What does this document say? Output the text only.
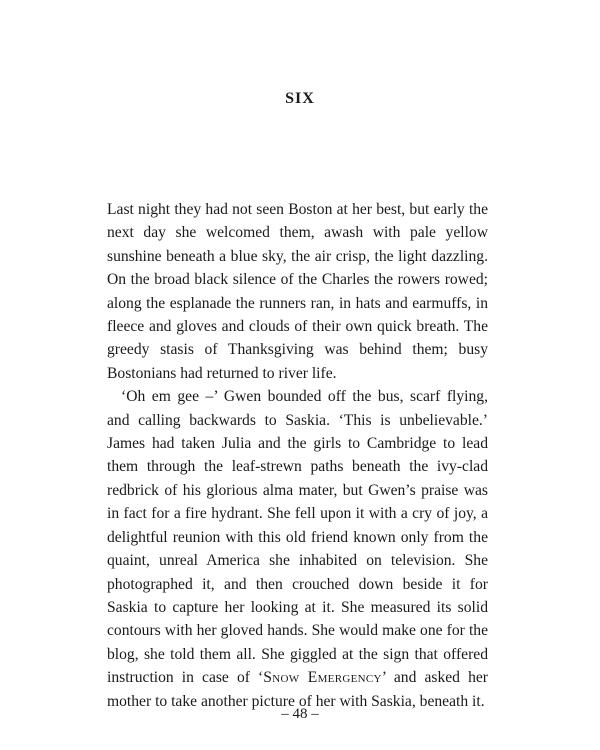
SIX

Last night they had not seen Boston at her best, but early the next day she welcomed them, awash with pale yellow sunshine beneath a blue sky, the air crisp, the light dazzling. On the broad black silence of the Charles the rowers rowed; along the esplanade the runners ran, in hats and earmuffs, in fleece and gloves and clouds of their own quick breath. The greedy stasis of Thanksgiving was behind them; busy Bostonians had returned to river life.

‘Oh em gee –’ Gwen bounded off the bus, scarf flying, and calling backwards to Saskia. ‘This is unbelievable.’ James had taken Julia and the girls to Cambridge to lead them through the leaf-strewn paths beneath the ivy-clad redbrick of his glorious alma mater, but Gwen’s praise was in fact for a fire hydrant. She fell upon it with a cry of joy, a delightful reunion with this old friend known only from the quaint, unreal America she inhabited on television. She photographed it, and then crouched down beside it for Saskia to capture her looking at it. She measured its solid contours with her gloved hands. She would make one for the blog, she told them all. She giggled at the sign that offered instruction in case of ‘Snow Emergency’ and asked her mother to take another picture of her with Saskia, beneath it.

– 48 –
